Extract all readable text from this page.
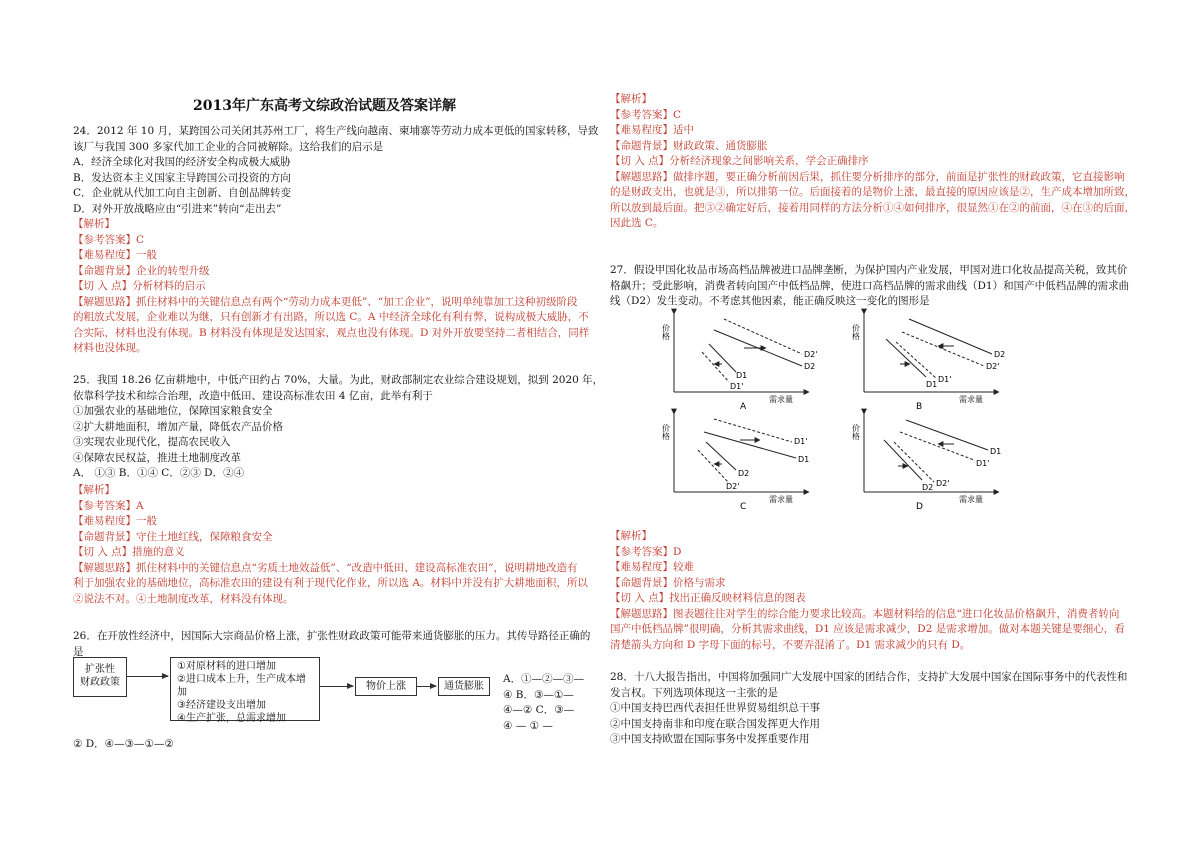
2013年广东高考文综政治试题及答案详解
24．2012 年 10 月，某跨国公司关闭其苏州工厂，将生产线向越南、柬埔寨等劳动力成本更低的国家转移，导致
该厂与我国 300 多家代加工企业的合同被解除。这给我们的启示是
A．经济全球化对我国的经济安全构成极大威胁
B．发达资本主义国家主导跨国公司投资的方向
C．企业就从代加工向自主创新、自创品牌转变
D．对外开放战略应由“引进来”转向“走出去”
【解析】
【参考答案】C
【难易程度】一般
【命题背景】企业的转型升级
【切 入 点】分析材料的启示
【解题思路】抓住材料中的关键信息点有两个“劳动力成本更低”、“加工企业”，说明单纯靠加工这种初级阶段
的粗放式发展，企业难以为继，只有创新才有出路，所以选 C。A 中经济全球化有利有弊，说构成极大威胁，不
合实际，材料也没有体现。B 材料没有体现是发达国家，观点也没有体现。D 对外开放要坚持二者相结合，同样
材料也没体现。
25．我国 18.26 亿亩耕地中，中低产田约占 70%，大量。为此，财政部制定农业综合建设规划，拟到 2020 年，
依靠科学技术和综合治理，改造中低田、建设高标准农田 4 亿亩，此举有利于
①加强农业的基础地位，保障国家粮食安全
②扩大耕地面积，增加产量，降低农产品价格
③实现农业现代化，提高农民收入
④保障农民权益，推进土地制度改革
A． ①③ B．①④ C．②③ D．②④
【解析】
【参考答案】A
【难易程度】一般
【命题背景】守住土地红线，保障粮食安全
【切 入 点】措施的意义
【解题思路】抓住材料中的关键信息点“劣质土地效益低”、“改造中低田、建设高标准农田”，说明耕地改造有
利于加强农业的基础地位，高标准农田的建设有利于现代化作业，所以选 A。材料中并没有扩大耕地面积，所以
②说法不对。④土地制度改革，材料没有体现。
26．在开放性经济中，因国际大宗商品价格上涨，扩张性财政政策可能带来通货膨胀的压力。其传导路径正确的
是
A．①—②—③—
④ B．③—①—
④—② C．③—
④ — ① —
② D．④—③—①—②
扩张性
财政政策
①对原材料的进口增加
②进口成本上升，生产成本增加
③经济建设支出增加
④生产扩张，总需求增加
物价上涨	通货膨胀
【解析】
【参考答案】C
【难易程度】适中
【命题背景】财政政策、通货膨胀
【切 入 点】分析经济现象之间影响关系，学会正确排序
【解题思路】做排序题，要正确分析前因后果，抓住要分析排序的部分，前面是扩张性的财政政策，它直接影响
的是财政支出，也就是③，所以排第一位。后面接着的是物价上涨，最直接的原因应该是②，生产成本增加所致，
所以放到最后面。把③②确定好后，接着用同样的方法分析①④如何排序，很显然①在②的前面，④在③的后面，
因此选 C。
27．假设甲国化妆品市场高档品牌被进口品牌垄断，为保护国内产业发展，甲国对进口化妆品提高关税，致其价
格飙升；受此影响，消费者转向国产中低档品牌，使进口高档品牌的需求曲线（D1）和国产中低档品牌的需求曲
线（D2）发生变动。不考虑其他因素，能正确反映这一变化的图形是
【解析】
【参考答案】D
【难易程度】较难
【命题背景】价格与需求
【切 入 点】找出正确反映材料信息的图表
【解题思路】图表题往往对学生的综合能力要求比较高。本题材料给的信息“进口化妆品价格飙升，消费者转向
国产中低档品牌”很明确，分析其需求曲线，D1 应该是需求减少，D2 是需求增加。做对本题关键是要细心，看
清楚箭头方向和 D 字母下面的标号，不要弄混淆了。D1 需求减少的只有 D。
28．十八大报告指出，中国将加强同广大发展中国家的团结合作，支持扩大发展中国家在国际事务中的代表性和
发言权。下列选项体现这一主张的是
①中国支持巴西代表担任世界贸易组织总干事
②中国支持南非和印度在联合国发挥更大作用
③中国支持欧盟在国际事务中发挥重要作用
价格
需求量
D2'
D2
D1
D1'
A
价格
需求量
D2
D2'
D1
D1'
B
价格
需求量
D1'
D1
D2
D2'
C
价格
需求量
D1
D1'
D2 D2'
D
